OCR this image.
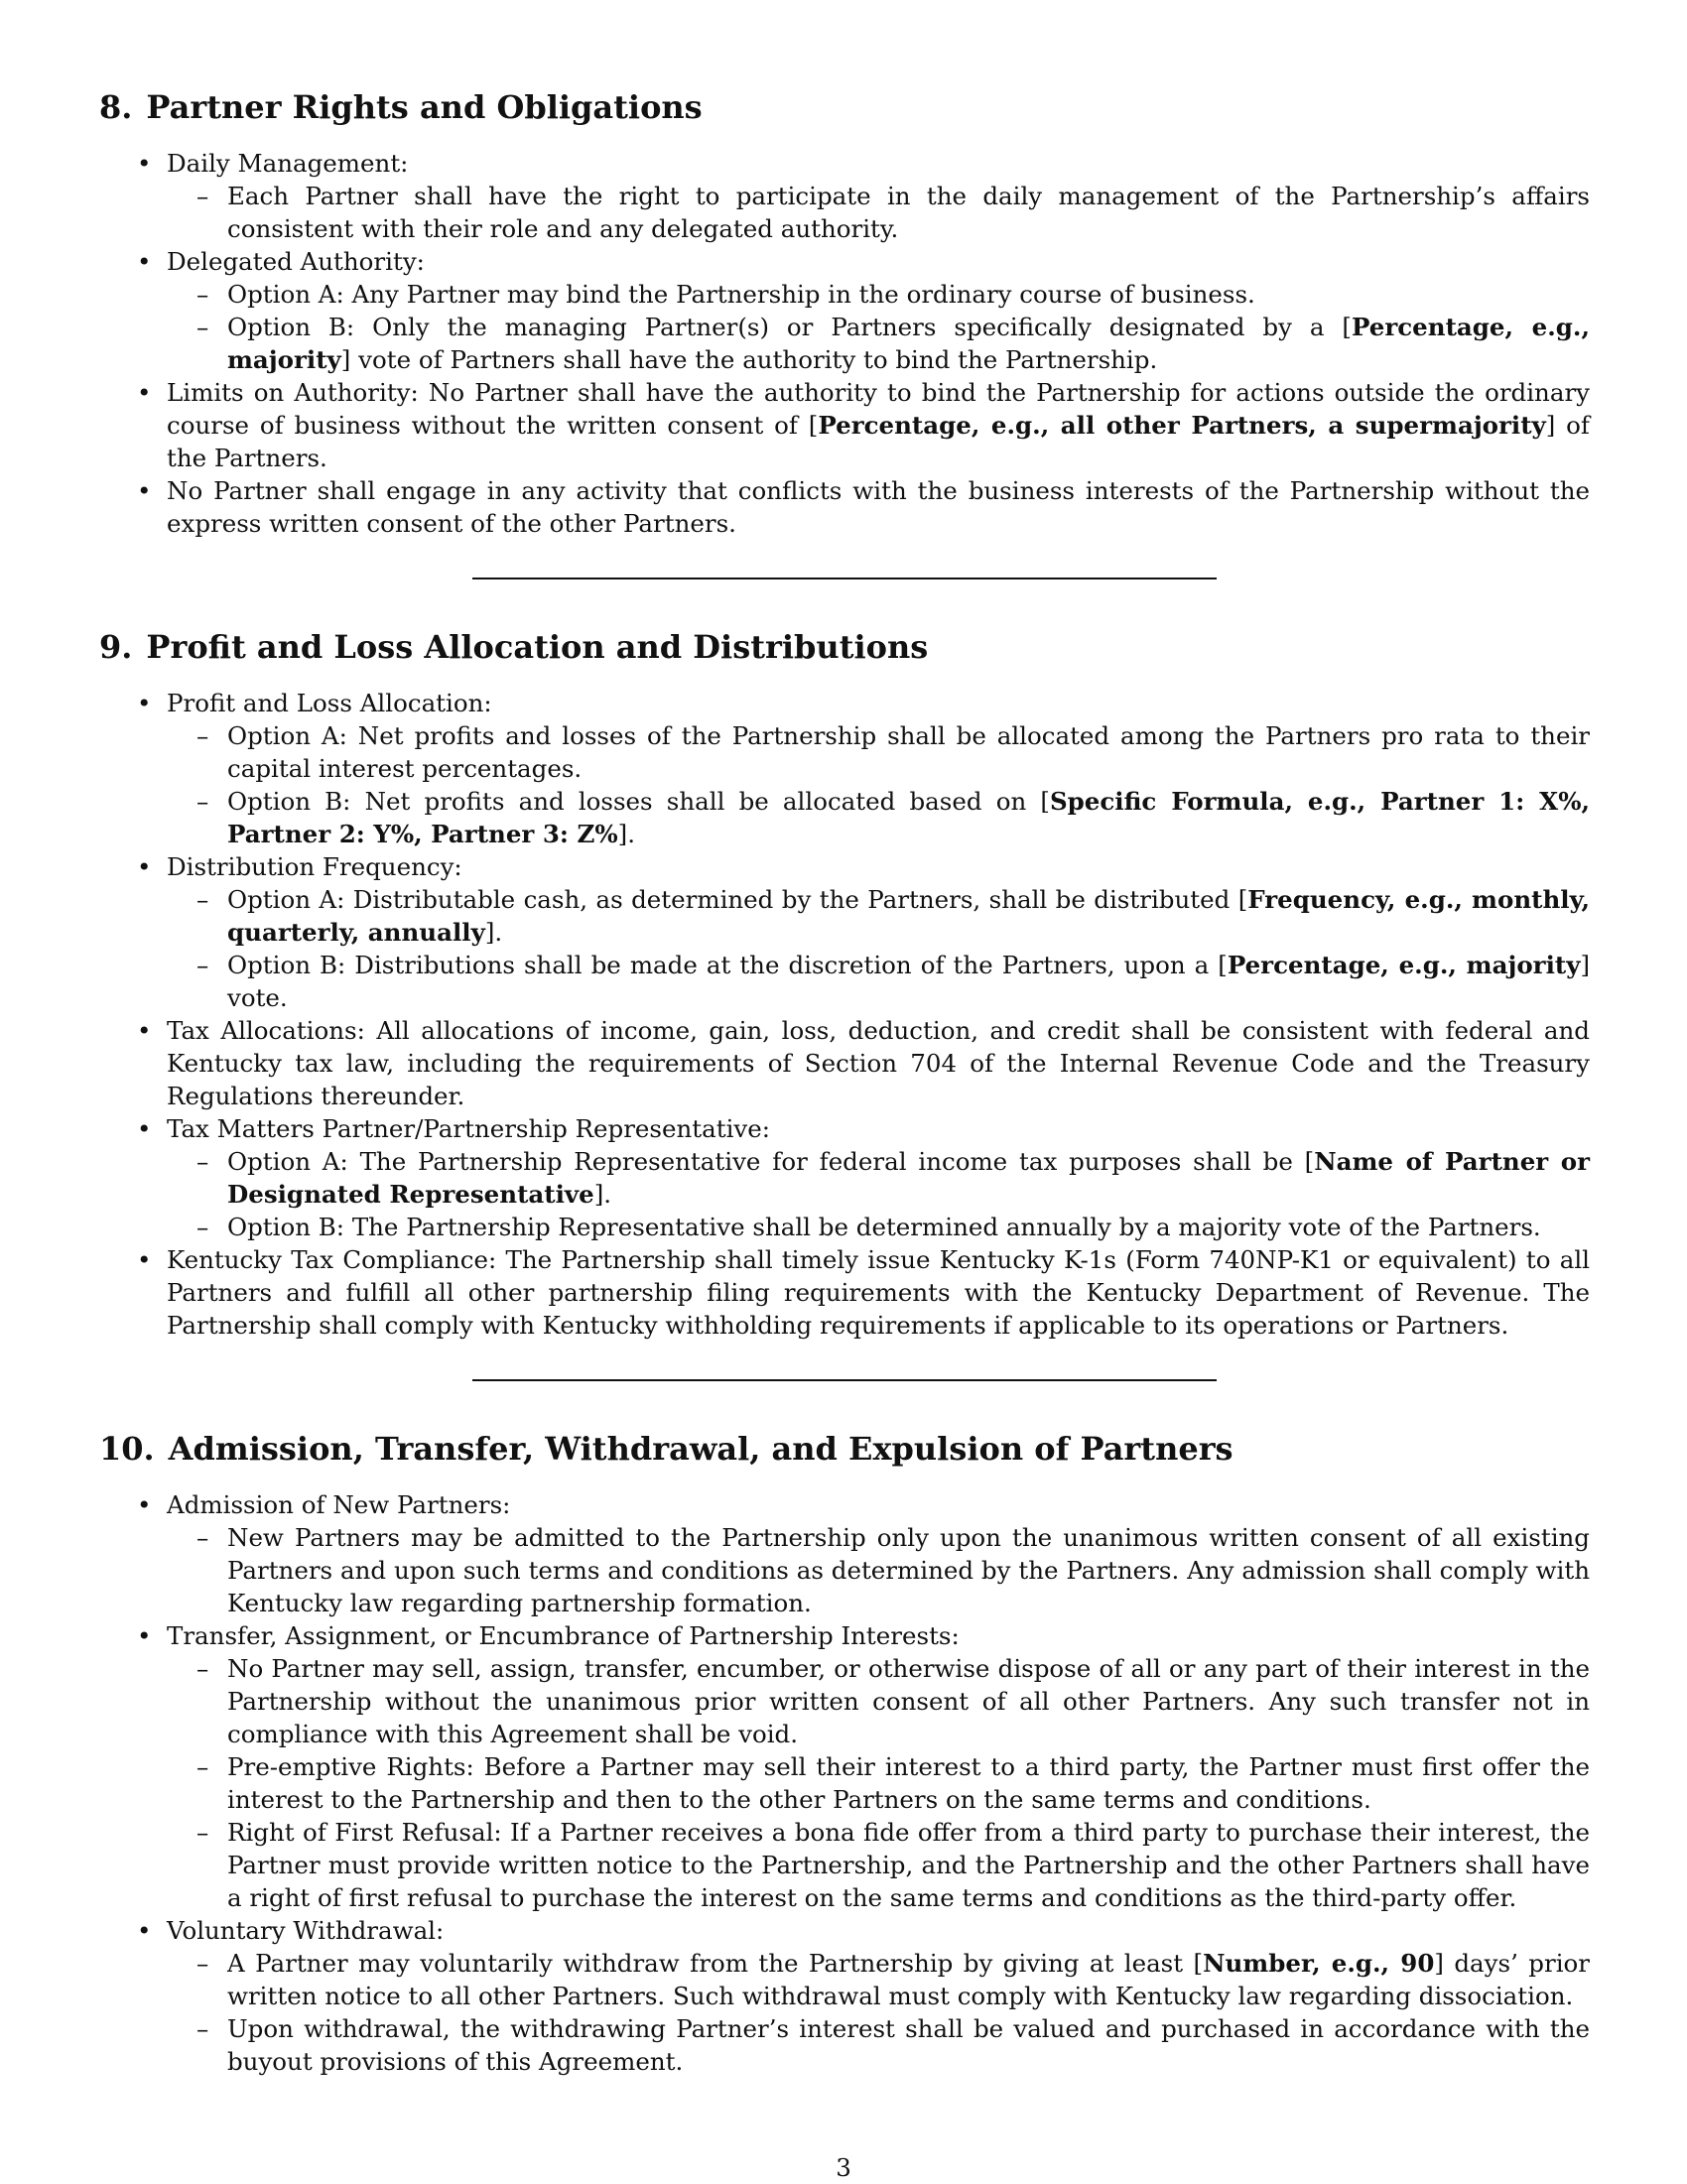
8. Partner Rights and Obligations
• Daily Management:
– Each Partner shall have the right to participate in the daily management of the Partnership’s affairs consistent with their role and any delegated authority.
• Delegated Authority:
– Option A: Any Partner may bind the Partnership in the ordinary course of business.
– Option B: Only the managing Partner(s) or Partners specifically designated by a [Percentage, e.g., majority] vote of Partners shall have the authority to bind the Partnership.
• Limits on Authority: No Partner shall have the authority to bind the Partnership for actions outside the ordinary course of business without the written consent of [Percentage, e.g., all other Partners, a supermajority] of the Partners.
• No Partner shall engage in any activity that conflicts with the business interests of the Partnership without the express written consent of the other Partners.
9. Profit and Loss Allocation and Distributions
• Profit and Loss Allocation:
– Option A: Net profits and losses of the Partnership shall be allocated among the Partners pro rata to their capital interest percentages.
– Option B: Net profits and losses shall be allocated based on [Specific Formula, e.g., Partner 1: X%, Partner 2: Y%, Partner 3: Z%].
• Distribution Frequency:
– Option A: Distributable cash, as determined by the Partners, shall be distributed [Frequency, e.g., monthly, quarterly, annually].
– Option B: Distributions shall be made at the discretion of the Partners, upon a [Percentage, e.g., majority] vote.
• Tax Allocations: All allocations of income, gain, loss, deduction, and credit shall be consistent with federal and Kentucky tax law, including the requirements of Section 704 of the Internal Revenue Code and the Treasury Regulations thereunder.
• Tax Matters Partner/Partnership Representative:
– Option A: The Partnership Representative for federal income tax purposes shall be [Name of Partner or Designated Representative].
– Option B: The Partnership Representative shall be determined annually by a majority vote of the Partners.
• Kentucky Tax Compliance: The Partnership shall timely issue Kentucky K-1s (Form 740NP-K1 or equivalent) to all Partners and fulfill all other partnership filing requirements with the Kentucky Department of Revenue. The Partnership shall comply with Kentucky withholding requirements if applicable to its operations or Partners.
10. Admission, Transfer, Withdrawal, and Expulsion of Partners
• Admission of New Partners:
– New Partners may be admitted to the Partnership only upon the unanimous written consent of all existing Partners and upon such terms and conditions as determined by the Partners. Any admission shall comply with Kentucky law regarding partnership formation.
• Transfer, Assignment, or Encumbrance of Partnership Interests:
– No Partner may sell, assign, transfer, encumber, or otherwise dispose of all or any part of their interest in the Partnership without the unanimous prior written consent of all other Partners. Any such transfer not in compliance with this Agreement shall be void.
– Pre-emptive Rights: Before a Partner may sell their interest to a third party, the Partner must first offer the interest to the Partnership and then to the other Partners on the same terms and conditions.
– Right of First Refusal: If a Partner receives a bona fide offer from a third party to purchase their interest, the Partner must provide written notice to the Partnership, and the Partnership and the other Partners shall have a right of first refusal to purchase the interest on the same terms and conditions as the third-party offer.
• Voluntary Withdrawal:
– A Partner may voluntarily withdraw from the Partnership by giving at least [Number, e.g., 90] days’ prior written notice to all other Partners. Such withdrawal must comply with Kentucky law regarding dissociation.
– Upon withdrawal, the withdrawing Partner’s interest shall be valued and purchased in accordance with the buyout provisions of this Agreement.
3
